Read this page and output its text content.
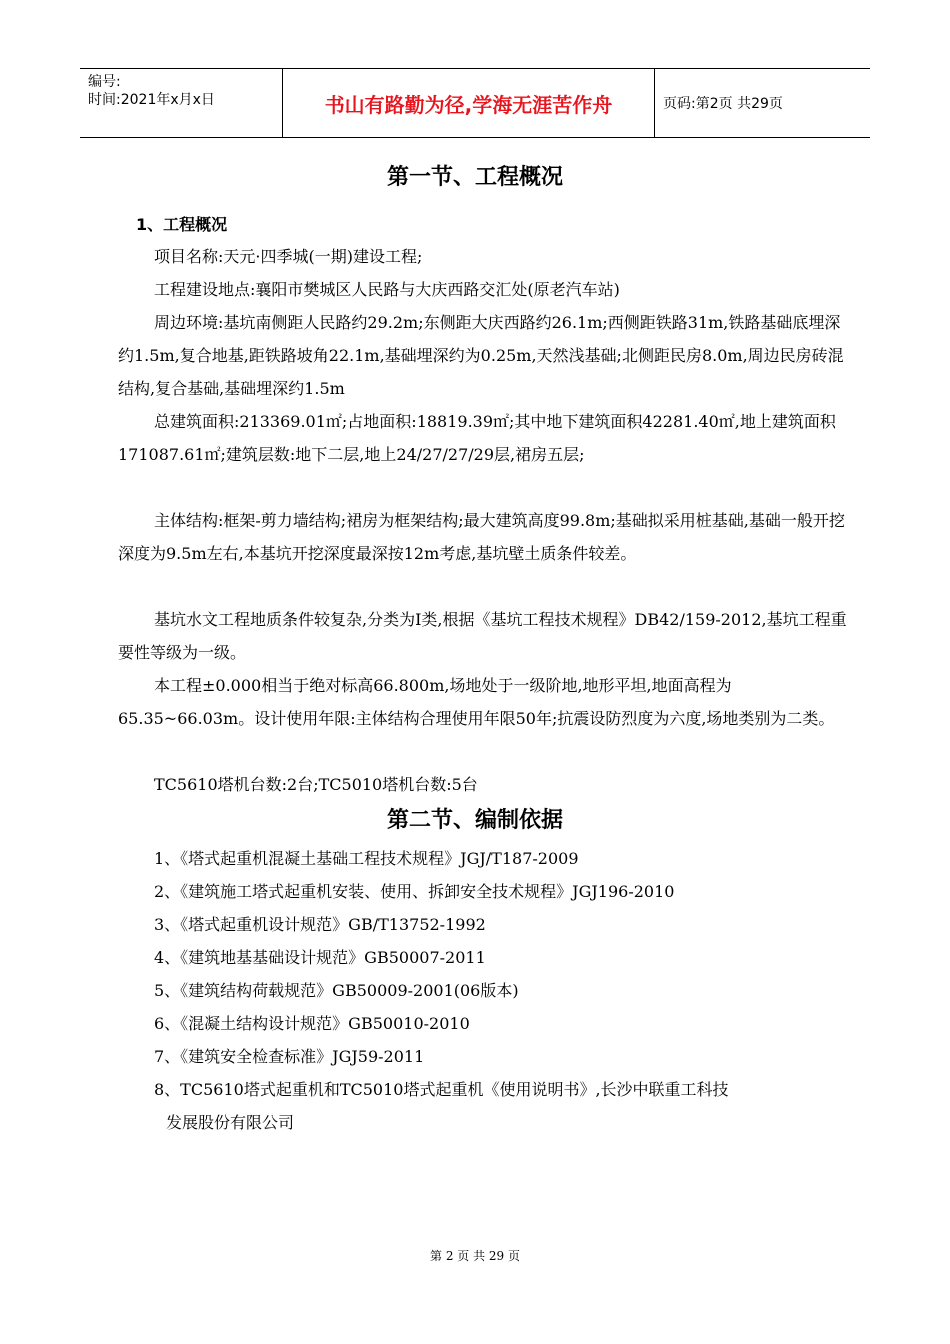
编号:
时间:2021年x月x日	书山有路勤为径,学海无涯苦作舟	页码:第2页 共29页
第一节、工程概况
1、工程概况

项目名称:天元·四季城(一期)建设工程;

工程建设地点:襄阳市樊城区人民路与大庆西路交汇处(原老汽车站)

周边环境:基坑南侧距人民路约29.2m;东侧距大庆西路约26.1m;西侧距铁路31m,铁路基础底埋深约1.5m,复合地基,距铁路坡角22.1m,基础埋深约为0.25m,天然浅基础;北侧距民房8.0m,周边民房砖混结构,复合基础,基础埋深约1.5m

总建筑面积:213369.01㎡;占地面积:18819.39㎡;其中地下建筑面积42281.40㎡,地上建筑面积171087.61㎡;建筑层数:地下二层,地上24/27/27/29层,裙房五层;

主体结构:框架-剪力墙结构;裙房为框架结构;最大建筑高度99.8m;基础拟采用桩基础,基础一般开挖深度为9.5m左右,本基坑开挖深度最深按12m考虑,基坑壁土质条件较差。

基坑水文工程地质条件较复杂,分类为Ⅰ类,根据《基坑工程技术规程》DB42/159-2012,基坑工程重要性等级为一级。

本工程±0.000相当于绝对标高66.800m,场地处于一级阶地,地形平坦,地面高程为65.35~66.03m。设计使用年限:主体结构合理使用年限50年;抗震设防烈度为六度,场地类别为二类。

TC5610塔机台数:2台;TC5010塔机台数:5台

第二节、编制依据
1、《塔式起重机混凝土基础工程技术规程》JGJ/T187-2009
2、《建筑施工塔式起重机安装、使用、拆卸安全技术规程》JGJ196-2010
3、《塔式起重机设计规范》GB/T13752-1992
4、《建筑地基基础设计规范》GB50007-2011
5、《建筑结构荷载规范》GB50009-2001(06版本)
6、《混凝土结构设计规范》GB50010-2010
7、《建筑安全检查标准》JGJ59-2011
8、TC5610塔式起重机和TC5010塔式起重机《使用说明书》,长沙中联重工科技
发展股份有限公司
第 2 页 共 29 页
